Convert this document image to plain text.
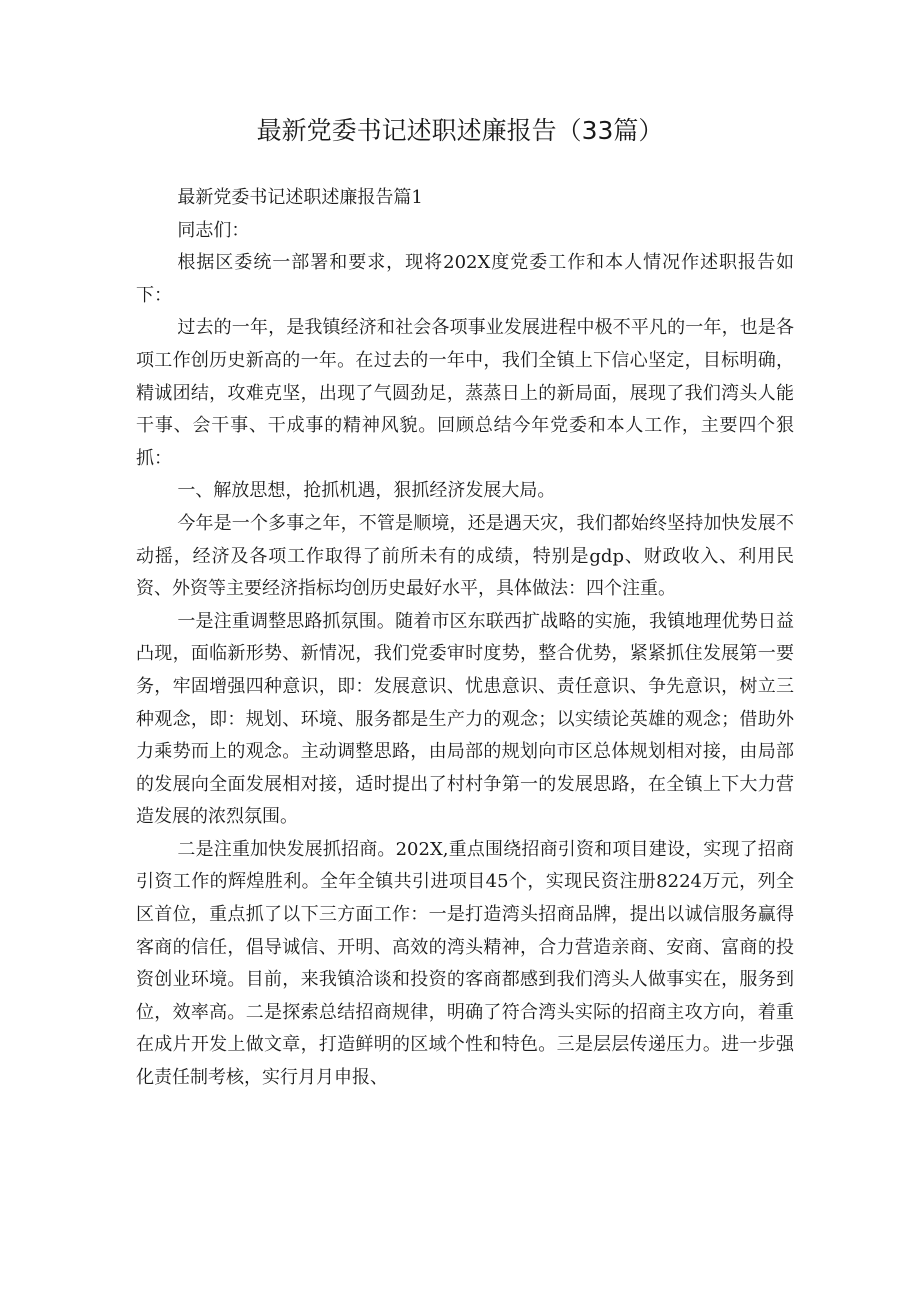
最新党委书记述职述廉报告（33篇）

最新党委书记述职述廉报告篇1

同志们：

根据区委统一部署和要求，现将202X度党委工作和本人情况作述职报告如下：

过去的一年，是我镇经济和社会各项事业发展进程中极不平凡的一年，也是各项工作创历史新高的一年。在过去的一年中，我们全镇上下信心坚定，目标明确，精诚团结，攻难克坚，出现了气圆劲足，蒸蒸日上的新局面，展现了我们湾头人能干事、会干事、干成事的精神风貌。回顾总结今年党委和本人工作，主要四个狠抓：

一、解放思想，抢抓机遇，狠抓经济发展大局。

今年是一个多事之年，不管是顺境，还是遇天灾，我们都始终坚持加快发展不动摇，经济及各项工作取得了前所未有的成绩，特别是gdp、财政收入、利用民资、外资等主要经济指标均创历史最好水平，具体做法：四个注重。

一是注重调整思路抓氛围。随着市区东联西扩战略的实施，我镇地理优势日益凸现，面临新形势、新情况，我们党委审时度势，整合优势，紧紧抓住发展第一要务，牢固增强四种意识，即：发展意识、忧患意识、责任意识、争先意识，树立三种观念，即：规划、环境、服务都是生产力的观念；以实绩论英雄的观念；借助外力乘势而上的观念。主动调整思路，由局部的规划向市区总体规划相对接，由局部的发展向全面发展相对接，适时提出了村村争第一的发展思路，在全镇上下大力营造发展的浓烈氛围。

二是注重加快发展抓招商。202X,重点围绕招商引资和项目建设，实现了招商引资工作的辉煌胜利。全年全镇共引进项目45个，实现民资注册8224万元，列全区首位，重点抓了以下三方面工作：一是打造湾头招商品牌，提出以诚信服务赢得客商的信任，倡导诚信、开明、高效的湾头精神，合力营造亲商、安商、富商的投资创业环境。目前，来我镇洽谈和投资的客商都感到我们湾头人做事实在，服务到位，效率高。二是探索总结招商规律，明确了符合湾头实际的招商主攻方向，着重在成片开发上做文章，打造鲜明的区域个性和特色。三是层层传递压力。进一步强化责任制考核，实行月月申报、
